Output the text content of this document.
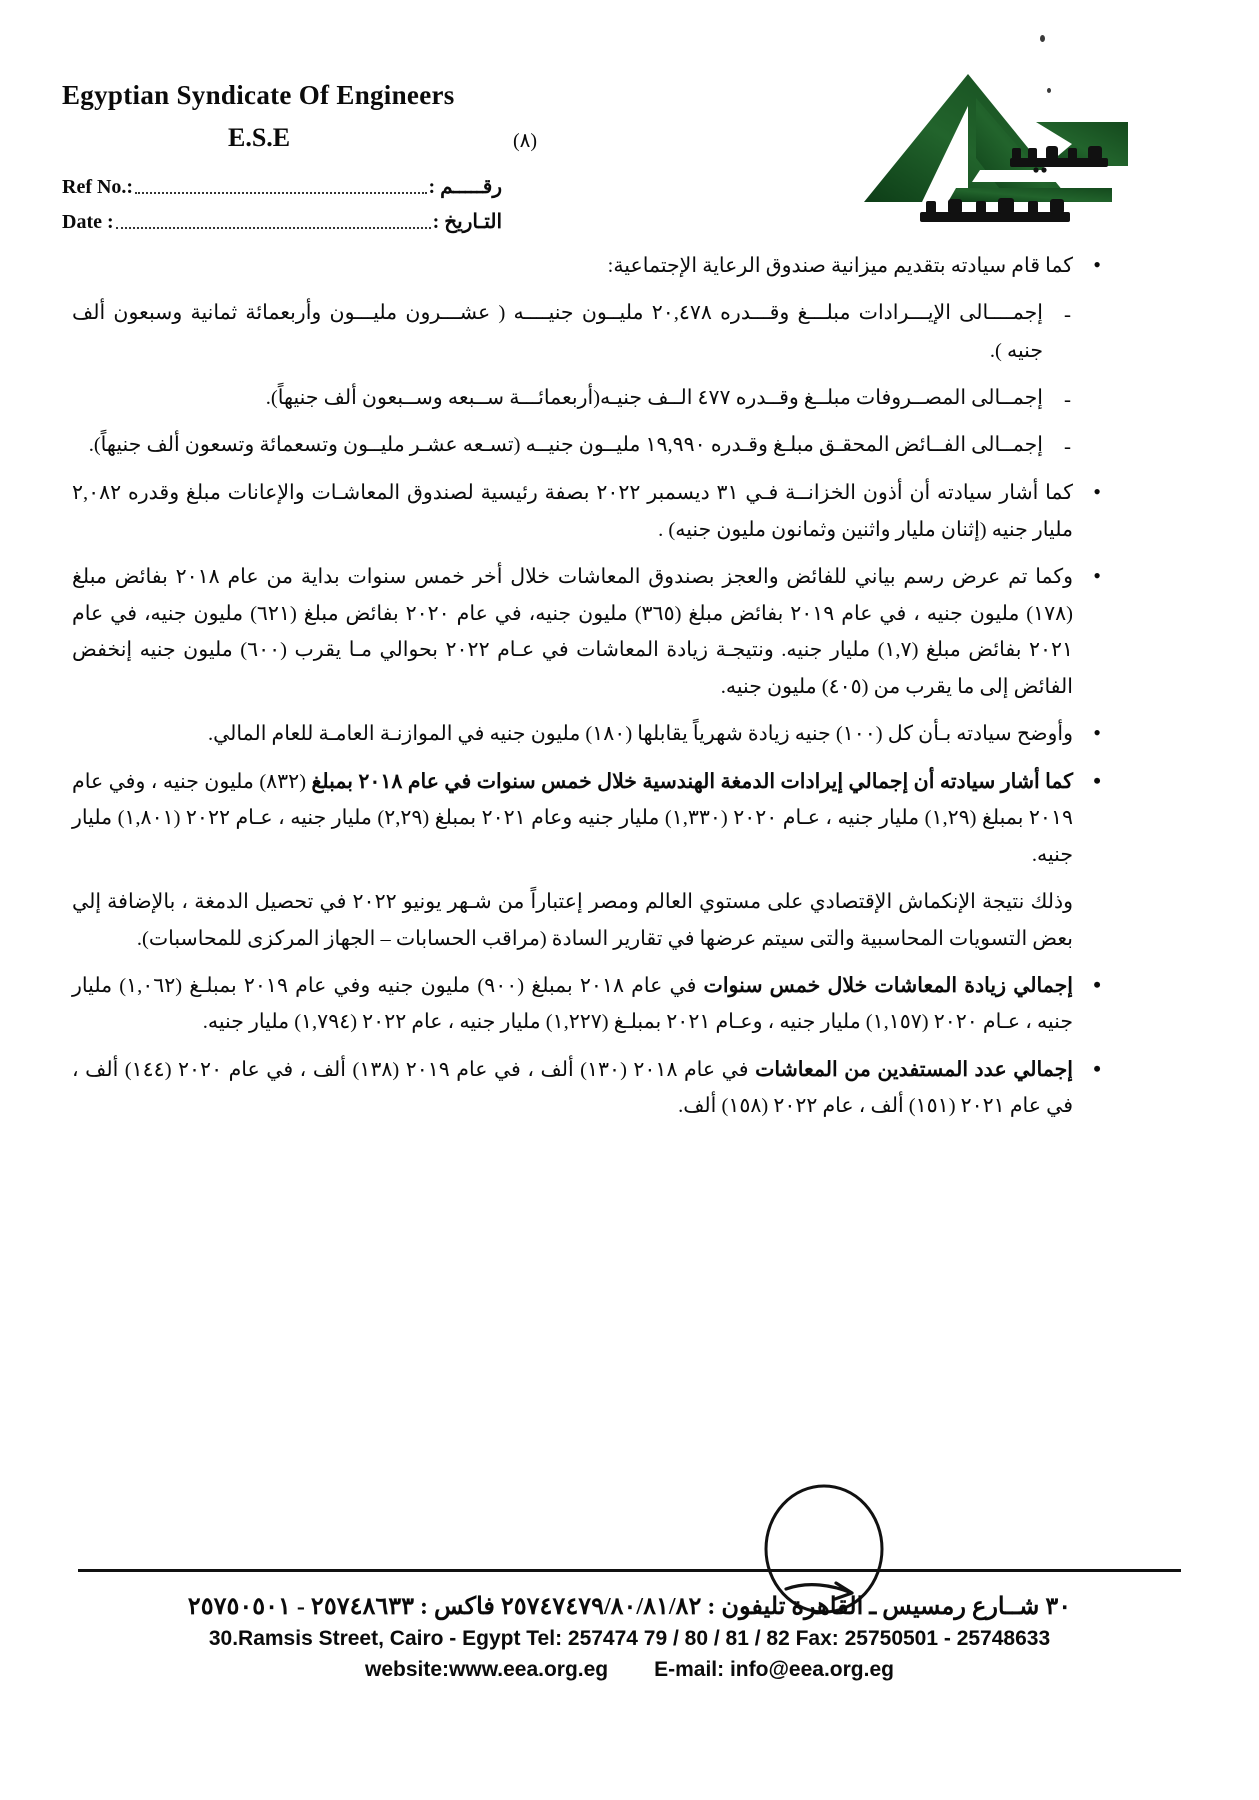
Egyptian Syndicate Of Engineers
E.S.E	(٨)
Ref No.:	رقـــــم :
Date :	التـاريخ :
• كما قام سيادته بتقديم ميزانية صندوق الرعاية الإجتماعية:
- إجمــــالى الإيـــرادات مبلـــغ وقـــدره ٢٠,٤٧٨ مليــون جنيــــه ( عشـــرون مليـــون وأربعمائة ثمانية وسبعون ألف جنيه ).
- إجمــالى المصــروفات مبلــغ وقــدره ٤٧٧ الــف جنيـه(أربعمائـــة ســبعه وســبعون ألف جنيهاً).
- إجمــالى الفــائض المحقـق مبلـغ وقـدره ١٩,٩٩٠ مليــون جنيــه (تسـعه عشـر مليــون وتسعمائة وتسعون ألف جنيهاً).
• كما أشار سيادته أن أذون الخزانــة فـي ٣١ ديسمبر ٢٠٢٢ بصفة رئيسية لصندوق المعاشـات والإعانات مبلغ وقدره ٢,٠٨٢ مليار جنيه (إثنان مليار واثنين وثمانون مليون جنيه) .
• وكما تم عرض رسم بياني للفائض والعجز بصندوق المعاشات خلال أخر خمس سنوات بداية من عام ٢٠١٨ بفائض مبلغ (١٧٨) مليون جنيه ، في عام ٢٠١٩ بفائض مبلغ (٣٦٥) مليون جنيه، في عام ٢٠٢٠ بفائض مبلغ (٦٢١) مليون جنيه، في عام ٢٠٢١ بفائض مبلغ (١,٧) مليار جنيه. ونتيجـة زيادة المعاشات في عـام ٢٠٢٢ بحوالي مـا يقرب (٦٠٠) مليون جنيه إنخفض الفائض إلى ما يقرب من (٤٠٥) مليون جنيه.
• وأوضح سيادته بـأن كل (١٠٠) جنيه زيادة شهرياً يقابلها (١٨٠) مليون جنيه في الموازنـة العامـة للعام المالي.
• كما أشار سيادته أن إجمالي إيرادات الدمغة الهندسية خلال خمس سنوات في عام ٢٠١٨ بمبلغ (٨٣٢) مليون جنيه ، وفي عام ٢٠١٩ بمبلغ (١,٢٩) مليار جنيه ، عـام ٢٠٢٠ (١,٣٣٠) مليار جنيه وعام ٢٠٢١ بمبلغ (٢,٢٩) مليار جنيه ، عـام ٢٠٢٢ (١,٨٠١) مليار جنيه.

وذلك نتيجة الإنكماش الإقتصادي على مستوي العالم ومصر إعتباراً من شـهر يونيو ٢٠٢٢ في تحصيل الدمغة ، بالإضافة إلي بعض التسويات المحاسبية والتى سيتم عرضها في تقارير السادة (مراقب الحسابات – الجهاز المركزى للمحاسبات).

• إجمالي زيادة المعاشات خلال خمس سنوات في عام ٢٠١٨ بمبلغ (٩٠٠) مليون جنيه وفي عام ٢٠١٩ بمبلـغ (١,٠٦٢) مليار جنيه ، عـام ٢٠٢٠ (١,١٥٧) مليار جنيه ، وعـام ٢٠٢١ بمبلـغ (١,٢٢٧) مليار جنيه ، عام ٢٠٢٢ (١,٧٩٤) مليار جنيه.
• إجمالي عدد المستفدين من المعاشات في عام ٢٠١٨ (١٣٠) ألف ، في عام ٢٠١٩ (١٣٨) ألف ، في عام ٢٠٢٠ (١٤٤) ألف ، في عام ٢٠٢١ (١٥١) ألف ، عام ٢٠٢٢ (١٥٨) ألف.
٣٠ شــارع رمسيس ـ القاهرة تليفون : ٢٥٧٤٧٤٧٩/٨٠/٨١/٨٢ فاكس : ٢٥٧٤٨٦٣٣ - ٢٥٧٥٠٥٠١
30.Ramsis Street, Cairo - Egypt Tel: 257474 79 / 80 / 81 / 82 Fax: 25750501 - 25748633
website:www.eea.org.eg E-mail: info@eea.org.eg
